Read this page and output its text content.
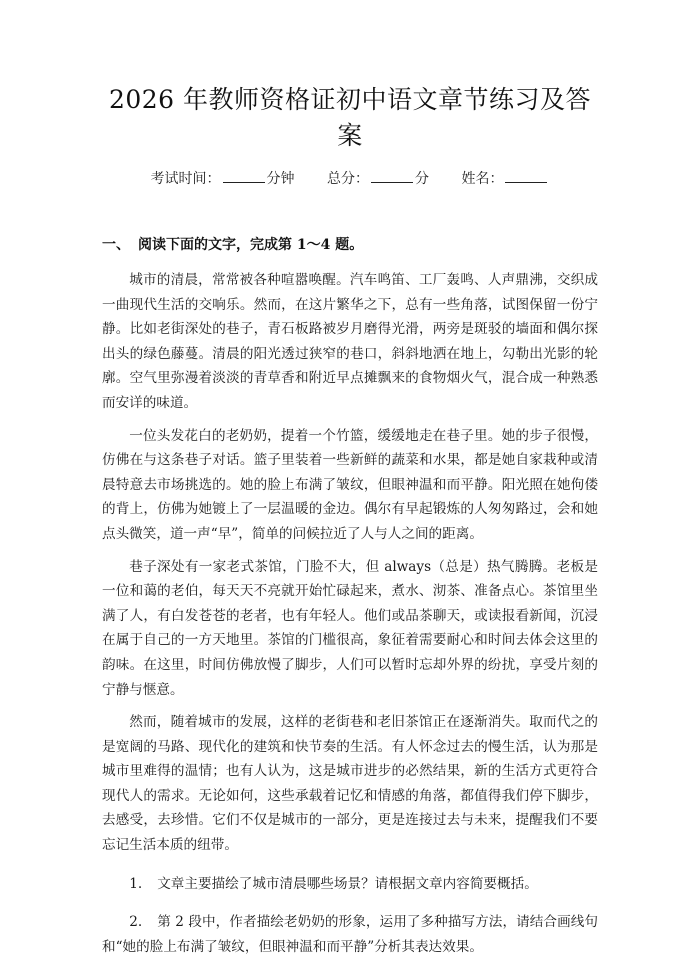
2026 年教师资格证初中语文章节练习及答案
考试时间：	分钟 总分：	分 姓名：
一、 阅读下面的文字，完成第 1～4 题。

城市的清晨，常常被各种喧嚣唤醒。汽车鸣笛、工厂轰鸣、人声鼎沸，交织成一曲现代生活的交响乐。然而，在这片繁华之下，总有一些角落，试图保留一份宁静。比如老街深处的巷子，青石板路被岁月磨得光滑，两旁是斑驳的墙面和偶尔探出头的绿色藤蔓。清晨的阳光透过狭窄的巷口，斜斜地洒在地上，勾勒出光影的轮廓。空气里弥漫着淡淡的青草香和附近早点摊飘来的食物烟火气，混合成一种熟悉而安详的味道。

一位头发花白的老奶奶，提着一个竹篮，缓缓地走在巷子里。她的步子很慢，仿佛在与这条巷子对话。篮子里装着一些新鲜的蔬菜和水果，都是她自家栽种或清晨特意去市场挑选的。她的脸上布满了皱纹，但眼神温和而平静。阳光照在她佝偻的背上，仿佛为她镀上了一层温暖的金边。偶尔有早起锻炼的人匆匆路过，会和她点头微笑，道一声“早”，简单的问候拉近了人与人之间的距离。

巷子深处有一家老式茶馆，门脸不大，但 always（总是）热气腾腾。老板是一位和蔼的老伯，每天天不亮就开始忙碌起来，煮水、沏茶、准备点心。茶馆里坐满了人，有白发苍苍的老者，也有年轻人。他们或品茶聊天，或读报看新闻，沉浸在属于自己的一方天地里。茶馆的门槛很高，象征着需要耐心和时间去体会这里的韵味。在这里，时间仿佛放慢了脚步，人们可以暂时忘却外界的纷扰，享受片刻的宁静与惬意。

然而，随着城市的发展，这样的老街巷和老旧茶馆正在逐渐消失。取而代之的是宽阔的马路、现代化的建筑和快节奏的生活。有人怀念过去的慢生活，认为那是城市里难得的温情；也有人认为，这是城市进步的必然结果，新的生活方式更符合现代人的需求。无论如何，这些承载着记忆和情感的角落，都值得我们停下脚步，去感受，去珍惜。它们不仅是城市的一部分，更是连接过去与未来，提醒我们不要忘记生活本质的纽带。

1. 文章主要描绘了城市清晨哪些场景？请根据文章内容简要概括。

2. 第 2 段中，作者描绘老奶奶的形象，运用了多种描写方法，请结合画线句和“她的脸上布满了皱纹，但眼神温和而平静”分析其表达效果。
